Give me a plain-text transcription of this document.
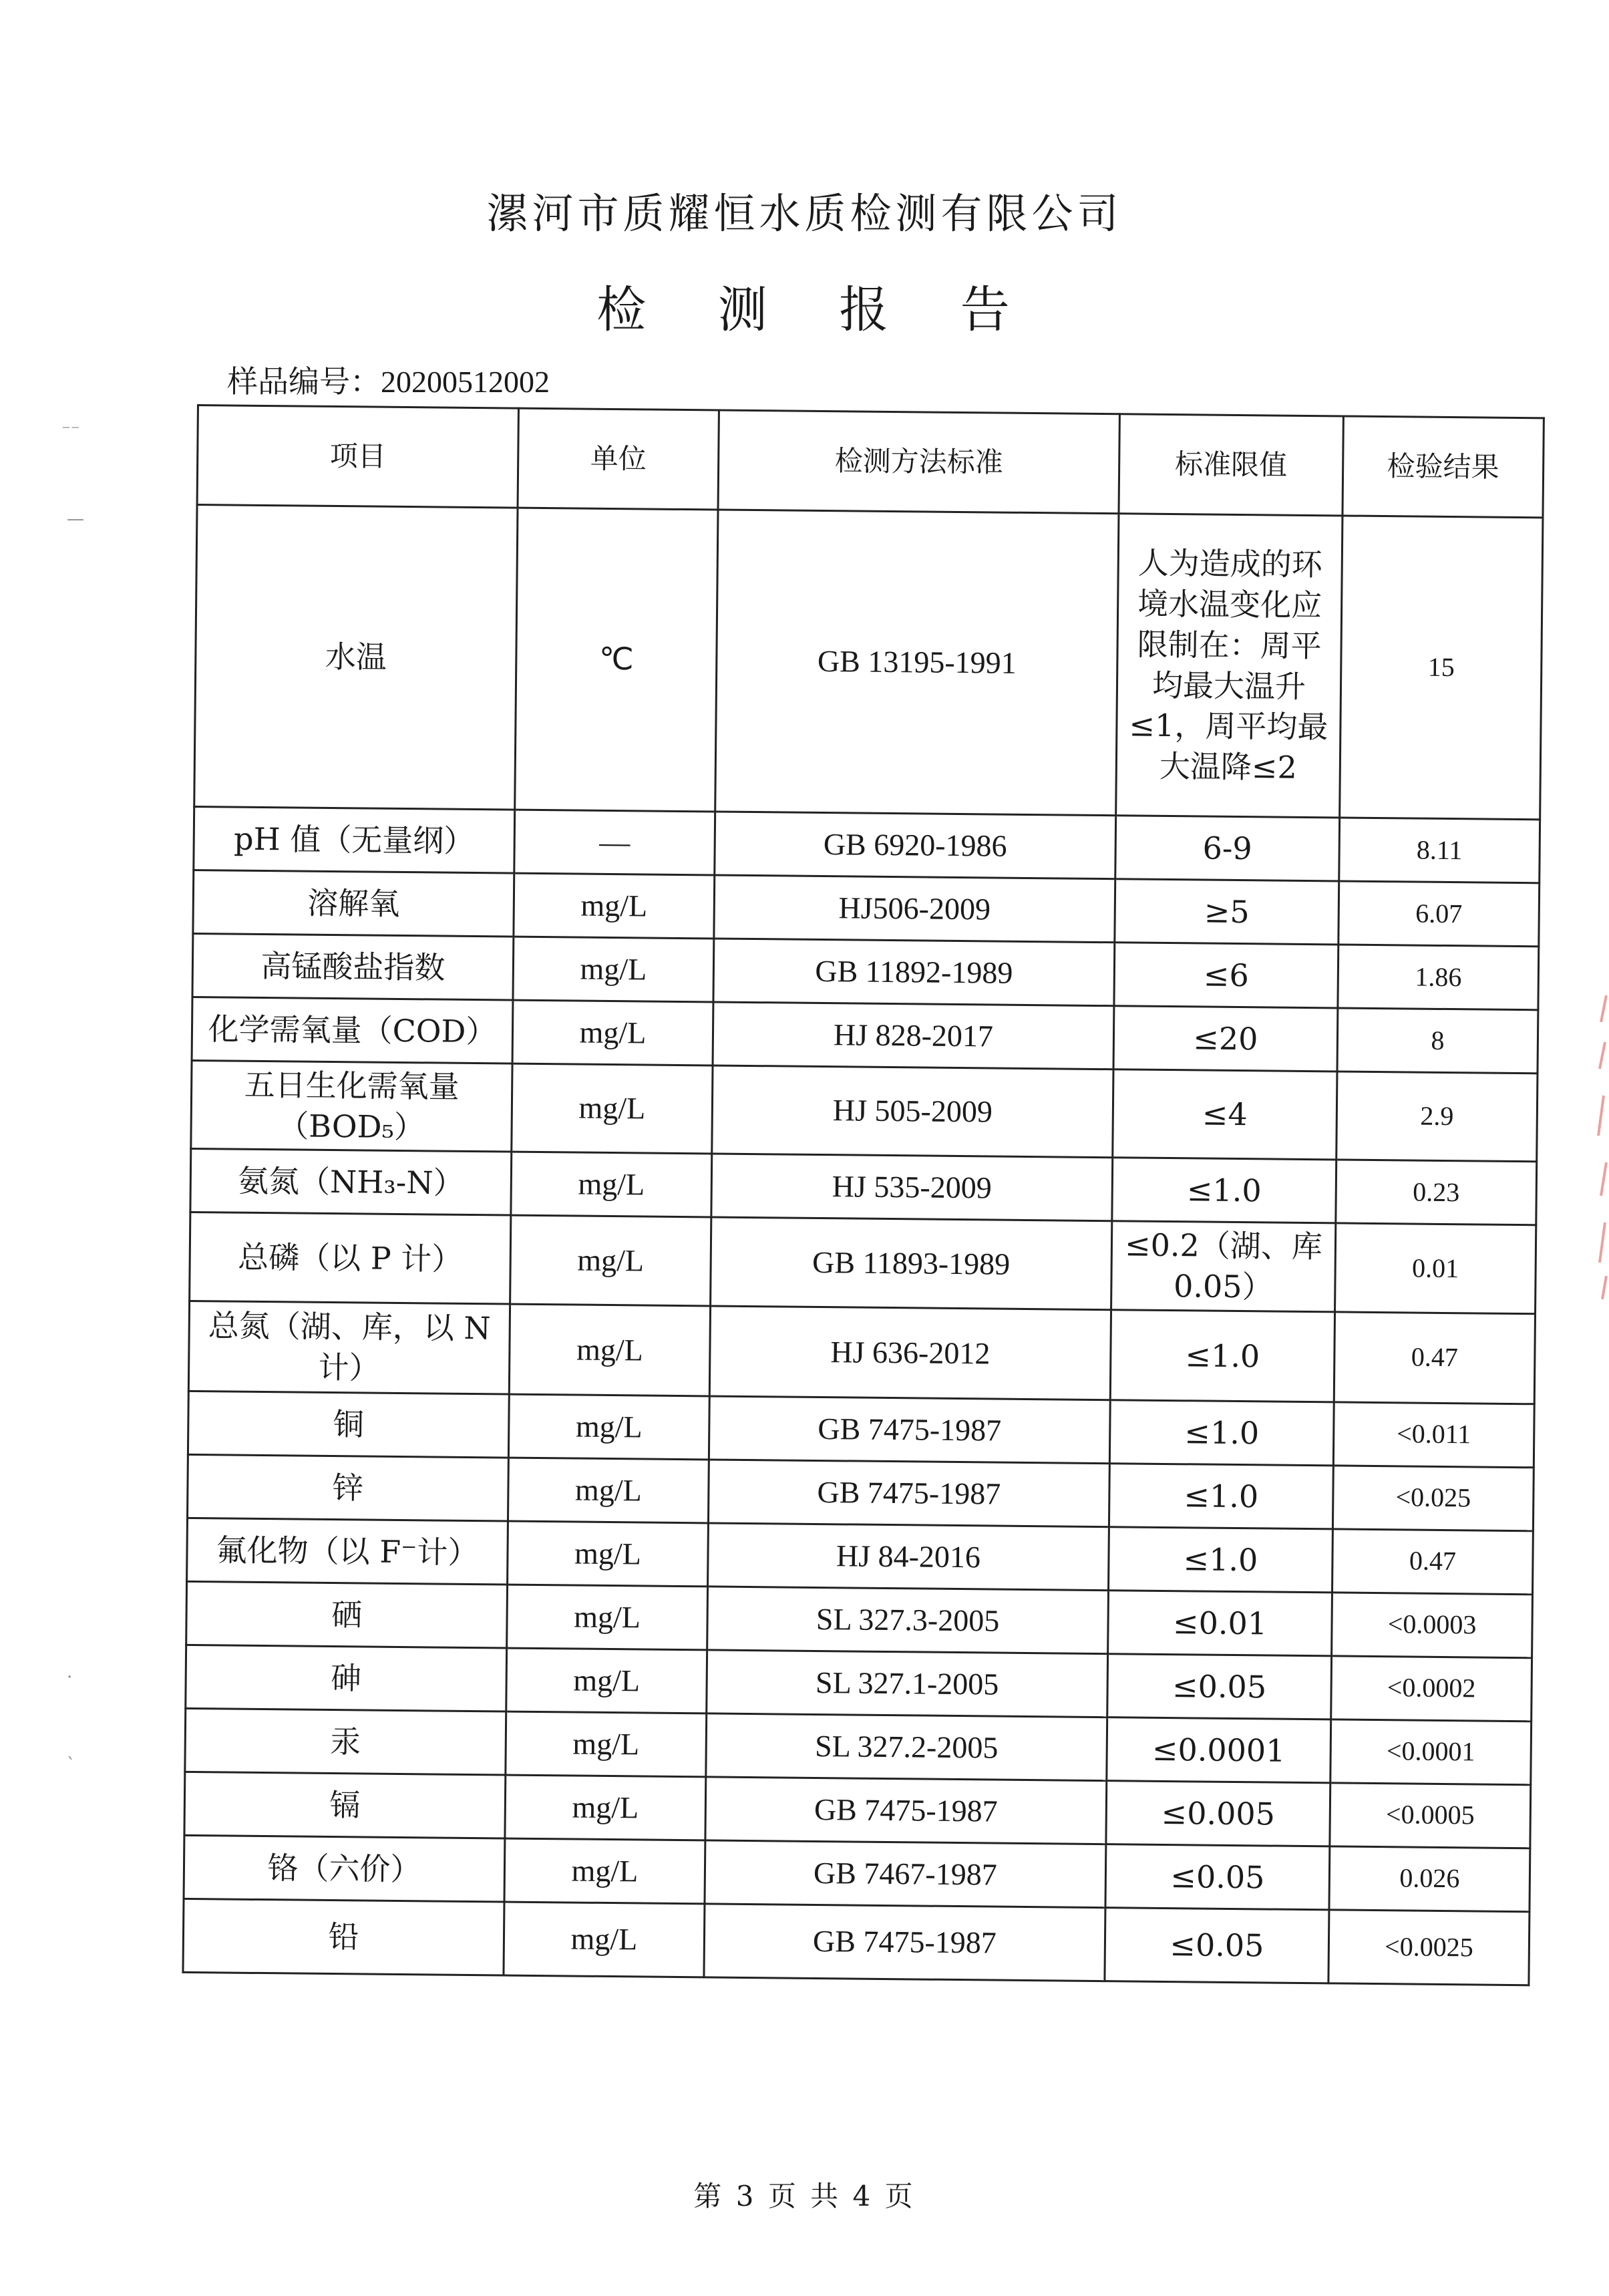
漯河市质耀恒水质检测有限公司
检 测 报 告
样品编号：20200512002
项目	单位	检测方法标准	标准限值	检验结果
水温	℃	GB 13195-1991	人为造成的环境水温变化应限制在：周平均最大温升≤1，周平均最大温降≤2	15
pH 值（无量纲）	—	GB 6920-1986	6-9	8.11
溶解氧	mg/L	HJ506-2009	≥5	6.07
高锰酸盐指数	mg/L	GB 11892-1989	≤6	1.86
化学需氧量（COD）	mg/L	HJ 828-2017	≤20	8
五日生化需氧量（BOD₅）	mg/L	HJ 505-2009	≤4	2.9
氨氮（NH₃-N）	mg/L	HJ 535-2009	≤1.0	0.23
总磷（以 P 计）	mg/L	GB 11893-1989	≤0.2（湖、库0.05）	0.01
总氮（湖、库，以 N 计）	mg/L	HJ 636-2012	≤1.0	0.47
铜	mg/L	GB 7475-1987	≤1.0	<0.011
锌	mg/L	GB 7475-1987	≤1.0	<0.025
氟化物（以 F⁻计）	mg/L	HJ 84-2016	≤1.0	0.47
硒	mg/L	SL 327.3-2005	≤0.01	<0.0003
砷	mg/L	SL 327.1-2005	≤0.05	<0.0002
汞	mg/L	SL 327.2-2005	≤0.0001	<0.0001
镉	mg/L	GB 7475-1987	≤0.005	<0.0005
铬（六价）	mg/L	GB 7467-1987	≤0.05	0.026
铅	mg/L	GB 7475-1987	≤0.05	<0.0025
第 3 页 共 4 页
⁻⁻
—
·
ˋ
